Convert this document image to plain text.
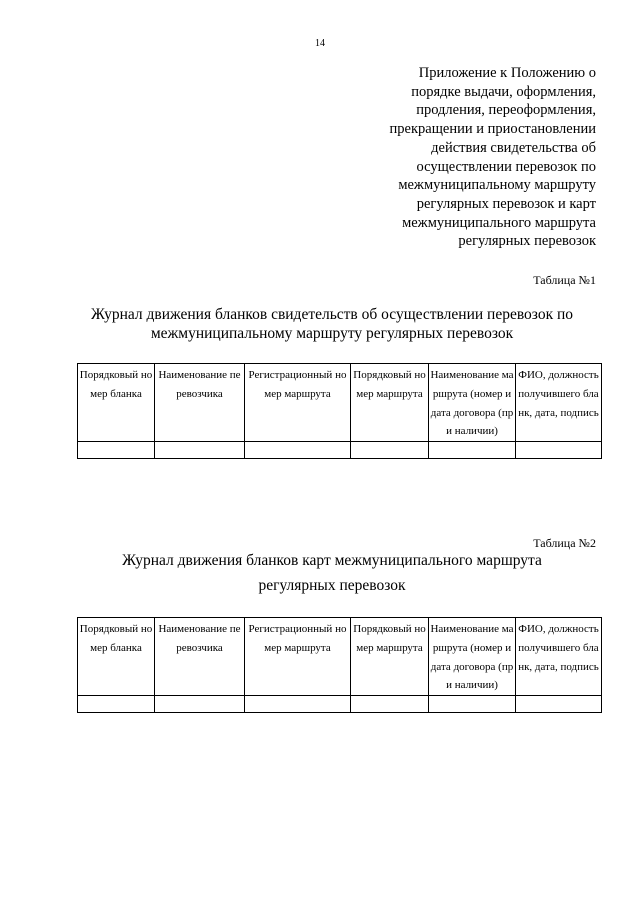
14
Приложение к Положению о
порядке выдачи, оформления,
продления, переоформления,
прекращении и приостановлении
действия свидетельства об
осуществлении перевозок по
межмуниципальному маршруту
регулярных перевозок и карт
межмуниципального маршрута
регулярных перевозок
Таблица №1
Журнал движения бланков свидетельств об осуществлении перевозок по
межмуниципальному маршруту регулярных перевозок
Порядковый номер бланка	Наименование перевозчика	Регистрационный номер маршрута	Порядковый номер маршрута	Наименование маршрута (номер и дата договора (при наличии)	ФИО, должность получившего бланк, дата, подпись

Таблица №2
Журнал движения бланков карт межмуниципального маршрута
регулярных перевозок
Порядковый номер бланка	Наименование перевозчика	Регистрационный номер маршрута	Порядковый номер маршрута	Наименование маршрута (номер и дата договора (при наличии)	ФИО, должность получившего бланк, дата, подпись
